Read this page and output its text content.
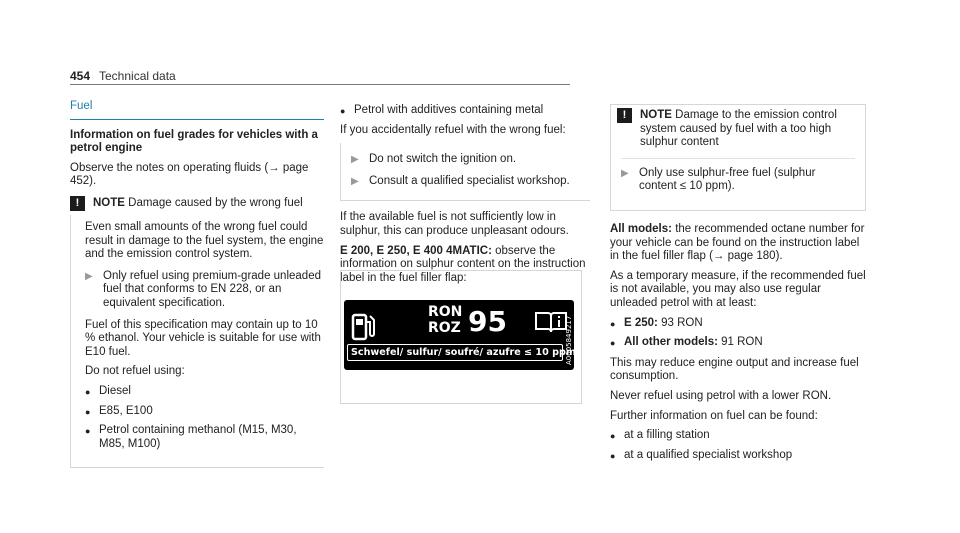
454 Technical data
Fuel

Information on fuel grades for vehicles with a petrol engine

Observe the notes on operating fluids (→ page 452).

!	NOTE Damage caused by the wrong fuel

Even small amounts of the wrong fuel could result in damage to the fuel system, the engine and the emission control system.

▶ Only refuel using premium-grade unleaded fuel that conforms to EN 228, or an equivalent specification.

Fuel of this specification may contain up to 10 % ethanol. Your vehicle is suitable for use with E10 fuel.

Do not refuel using:

● Diesel
● E85, E100
● Petrol containing methanol (M15, M30, M85, M100)
● Petrol with additives containing metal

If you accidentally refuel with the wrong fuel:

▶ Do not switch the ignition on.
▶ Consult a qualified specialist workshop.

If the available fuel is not sufficiently low in sulphur, this can produce unpleasant odours.

E 200, E 250, E 400 4MATIC: observe the information on sulphur content on the instruction label in the fuel filler flap:

RON
ROZ 95
Schwefel/ sulfur/ soufré/ azufre ≤ 10 ppm
A0005849217
!	NOTE Damage to the emission control system caused by fuel with a too high sulphur content
▶ Only use sulphur-free fuel (sulphur content ≤ 10 ppm).

All models: the recommended octane number for your vehicle can be found on the instruction label in the fuel filler flap (→ page 180).

As a temporary measure, if the recommended fuel is not available, you may also use regular unleaded petrol with at least:

● E 250: 93 RON
● All other models: 91 RON

This may reduce engine output and increase fuel consumption.

Never refuel using petrol with a lower RON.

Further information on fuel can be found:

● at a filling station
● at a qualified specialist workshop
